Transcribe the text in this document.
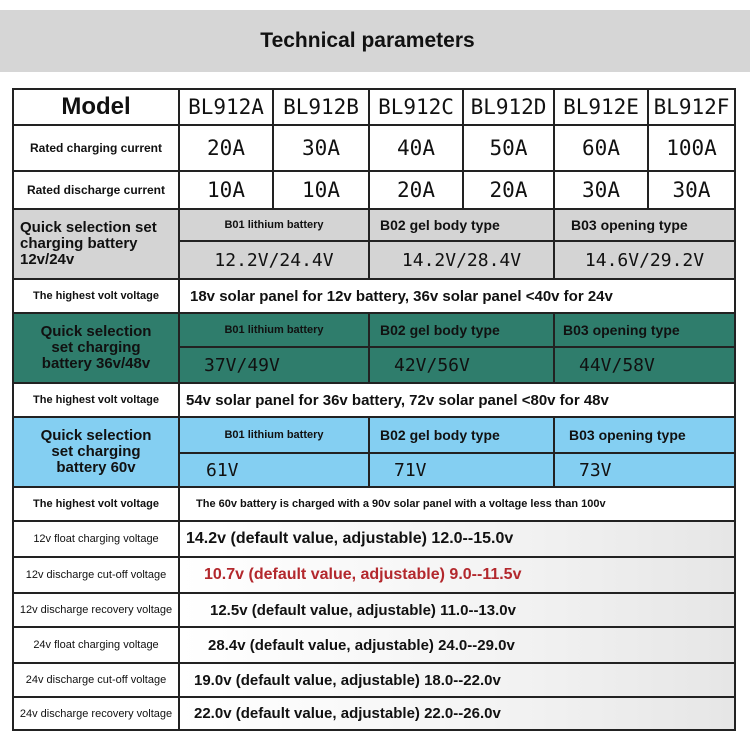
Technical parameters
Model	BL912A BL912B BL912C BL912D BL912E BL912F
Rated charging current	20A	30A	40A	50A	60A	100A
Rated discharge current	10A	10A	20A	20A	30A	30A
Quick selection set charging battery 12v/24v
B01 lithium battery	B02 gel body type	B03 opening type
12.2V/24.4V	14.2V/28.4V	14.6V/29.2V
The highest volt voltage	18v solar panel for 12v battery, 36v solar panel <40v for 24v
Quick selection set charging battery 36v/48v
B01 lithium battery	B02 gel body type	B03 opening type
37V/49V	42V/56V	44V/58V
The highest volt voltage	54v solar panel for 36v battery, 72v solar panel <80v for 48v
Quick selection set charging battery 60v
B01 lithium battery	B02 gel body type	B03 opening type
61V	71V	73V
The highest volt voltage	The 60v battery is charged with a 90v solar panel with a voltage less than 100v
12v float charging voltage	14.2v (default value, adjustable) 12.0--15.0v
12v discharge cut-off voltage	10.7v (default value, adjustable) 9.0--11.5v
12v discharge recovery voltage	12.5v (default value, adjustable) 11.0--13.0v
24v float charging voltage	28.4v (default value, adjustable) 24.0--29.0v
24v discharge cut-off voltage	19.0v (default value, adjustable) 18.0--22.0v
24v discharge recovery voltage	22.0v (default value, adjustable) 22.0--26.0v
